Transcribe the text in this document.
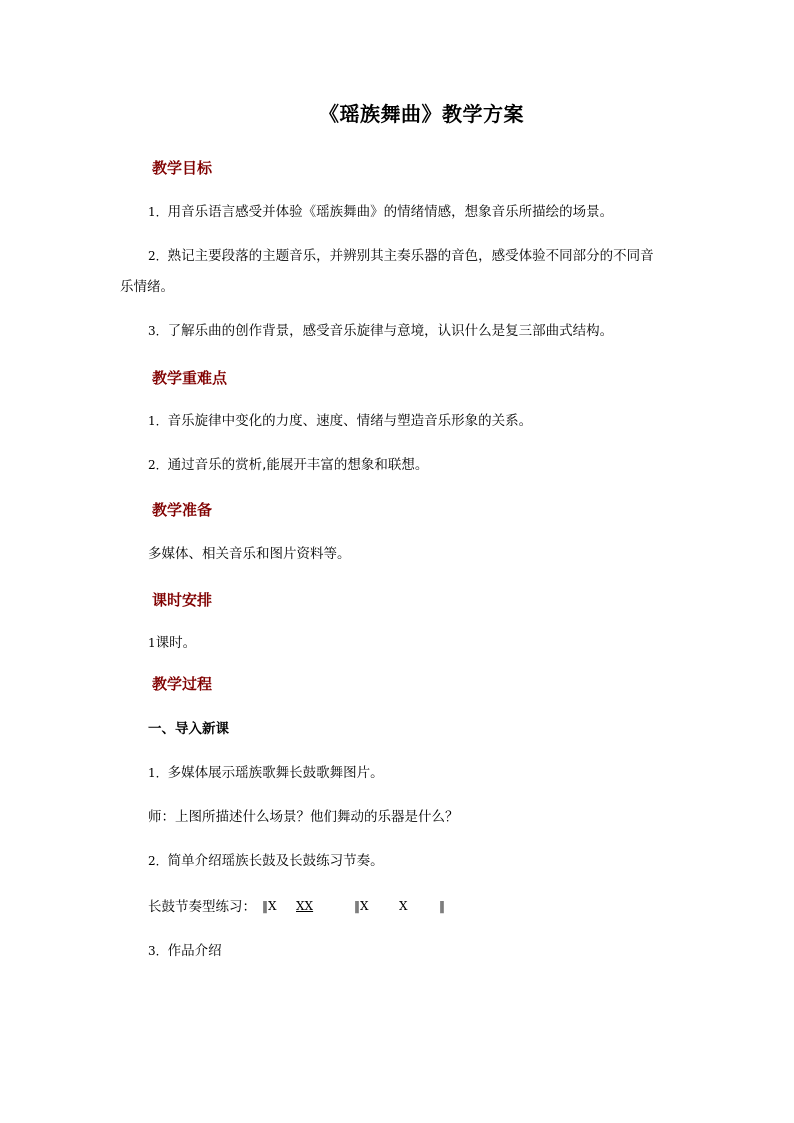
《瑶族舞曲》教学方案
教学目标
1．用音乐语言感受并体验《瑶族舞曲》的情绪情感，想象音乐所描绘的场景。
2．熟记主要段落的主题音乐，并辨别其主奏乐器的音色，感受体验不同部分的不同音
乐情绪。
3．了解乐曲的创作背景，感受音乐旋律与意境，认识什么是复三部曲式结构。
教学重难点
1．音乐旋律中变化的力度、速度、情绪与塑造音乐形象的关系。
2．通过音乐的赏析,能展开丰富的想象和联想。
教学准备
多媒体、相关音乐和图片资料等。
课时安排
1课时。
教学过程
一、导入新课
1．多媒体展示瑶族歌舞长鼓歌舞图片。
师：上图所描述什么场景？他们舞动的乐器是什么？
2．简单介绍瑶族长鼓及长鼓练习节奏。
长鼓节奏型练习： ‖X XX	‖X	X	‖
3．作品介绍
